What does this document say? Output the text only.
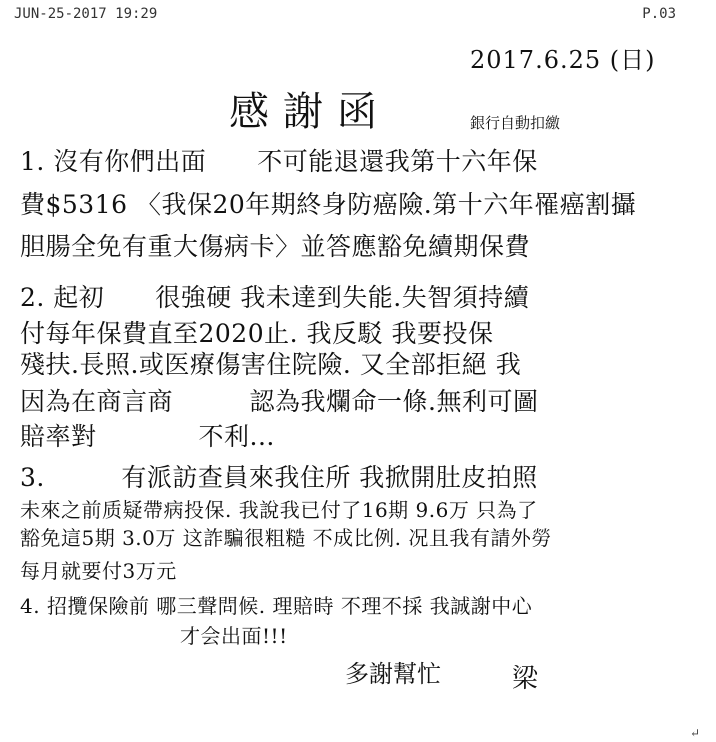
JUN-25-2017 19:29	P.03
2017.6.25 (日)
感謝函	銀行自動扣繳
1. 沒有你們出面　　不可能退還我第十六年保
費$5316 〈我保20年期終身防癌險.第十六年罹癌割攝
胆腸全免有重大傷病卡〉並答應豁免續期保費
2. 起初　　很強硬 我未達到失能.失智須持續
付每年保費直至2020止. 我反駁 我要投保
殘扶.長照.或医療傷害住院險. 又全部拒絕 我
因為在商言商　　　認為我爛命一條.無利可圖
賠率對　　　　不利...
3.　　　有派訪查員來我住所 我掀開肚皮拍照
未來之前质疑帶病投保. 我說我已付了16期 9.6万 只為了
豁免這5期 3.0万 这詐騙很粗糙 不成比例. 况且我有請外勞
每月就要付3万元
4. 招攬保險前 哪三聲問候. 理賠時 不理不採 我誠謝中心
才会出面!!!
多謝幫忙	梁
↵
